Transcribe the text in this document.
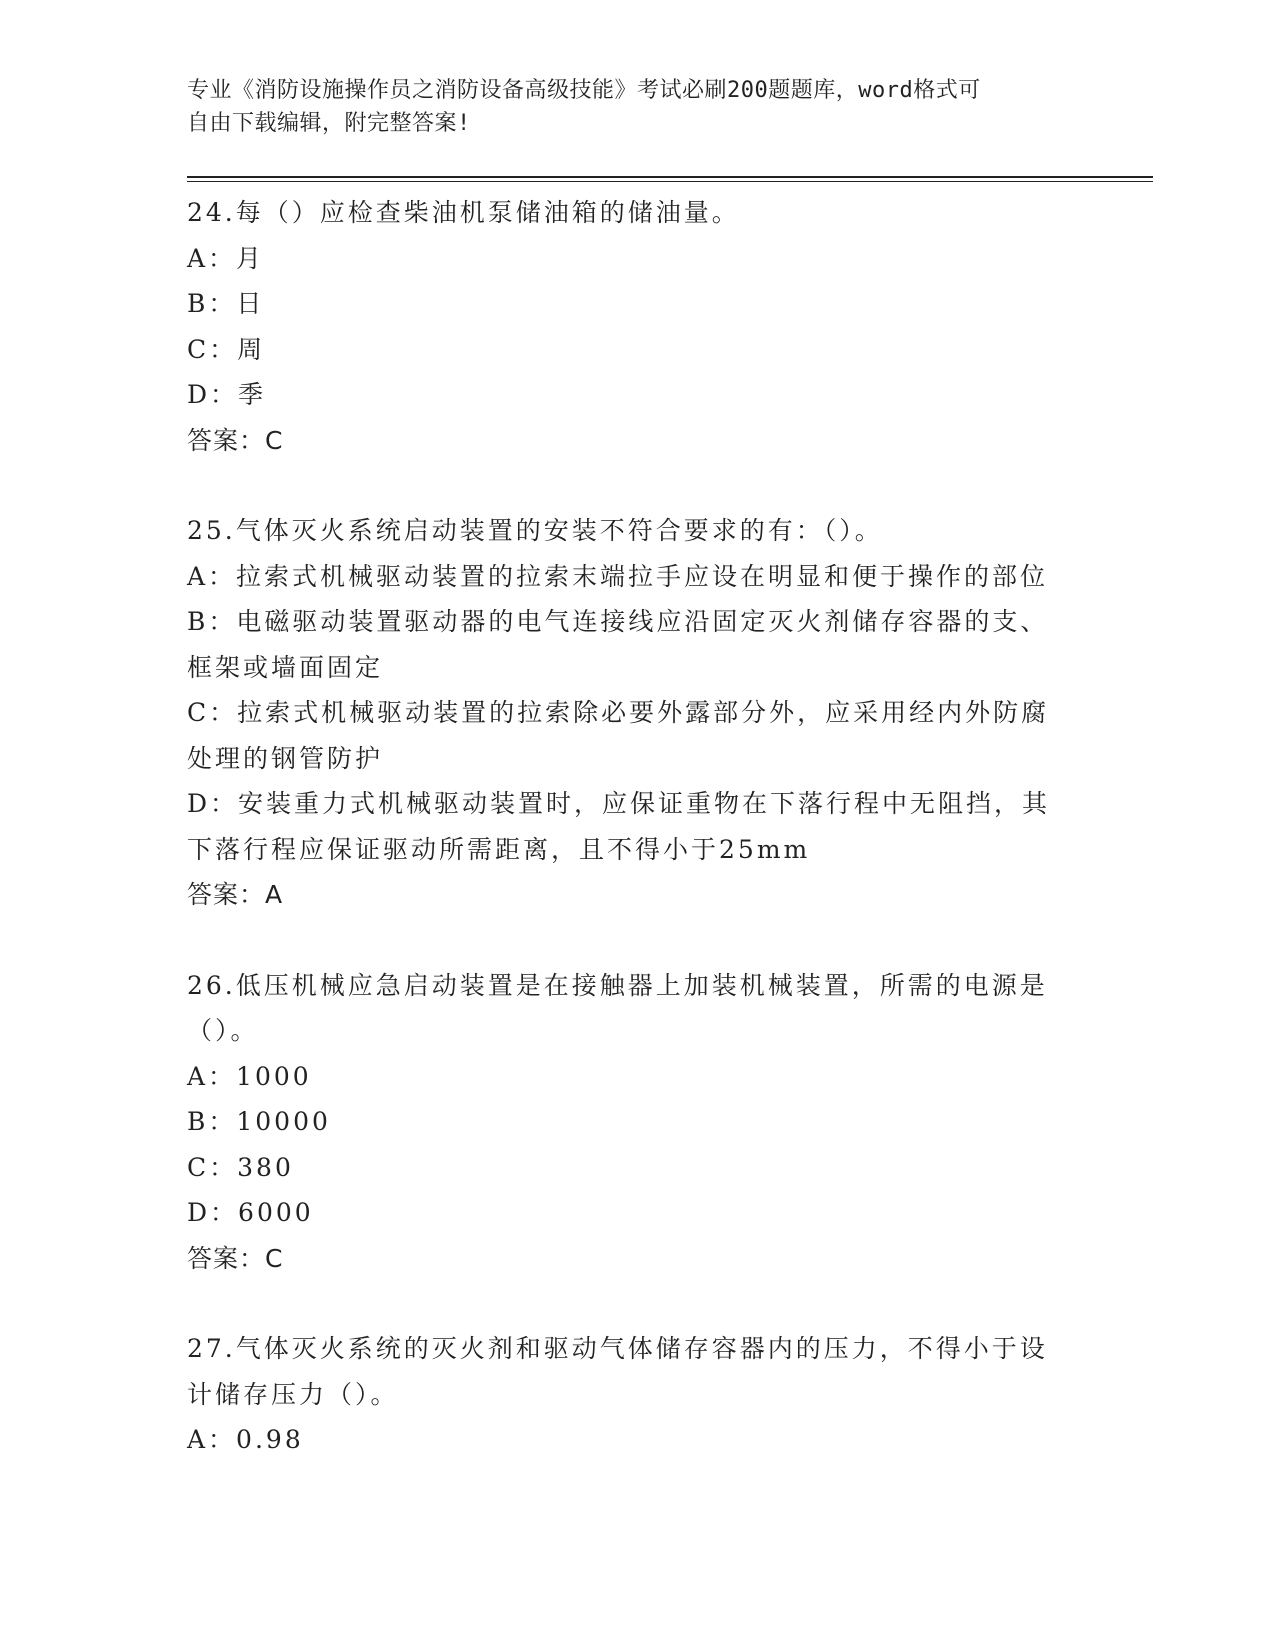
专业《消防设施操作员之消防设备高级技能》考试必刷200题题库，word格式可
自由下载编辑，附完整答案!
24.每（）应检查柴油机泵储油箱的储油量。
A：月
B：日
C：周
D：季
答案：C
25.气体灭火系统启动装置的安装不符合要求的有：（）。
A：拉索式机械驱动装置的拉索末端拉手应设在明显和便于操作的部位
B：电磁驱动装置驱动器的电气连接线应沿固定灭火剂储存容器的支、框架或墙面固定
C：拉索式机械驱动装置的拉索除必要外露部分外，应采用经内外防腐处理的钢管防护
D：安装重力式机械驱动装置时，应保证重物在下落行程中无阻挡，其下落行程应保证驱动所需距离，且不得小于25mm
答案：A
26.低压机械应急启动装置是在接触器上加装机械装置，所需的电源是（）。
A：1000
B：10000
C：380
D：6000
答案：C
27.气体灭火系统的灭火剂和驱动气体储存容器内的压力，不得小于设计储存压力（）。
A：0.98
